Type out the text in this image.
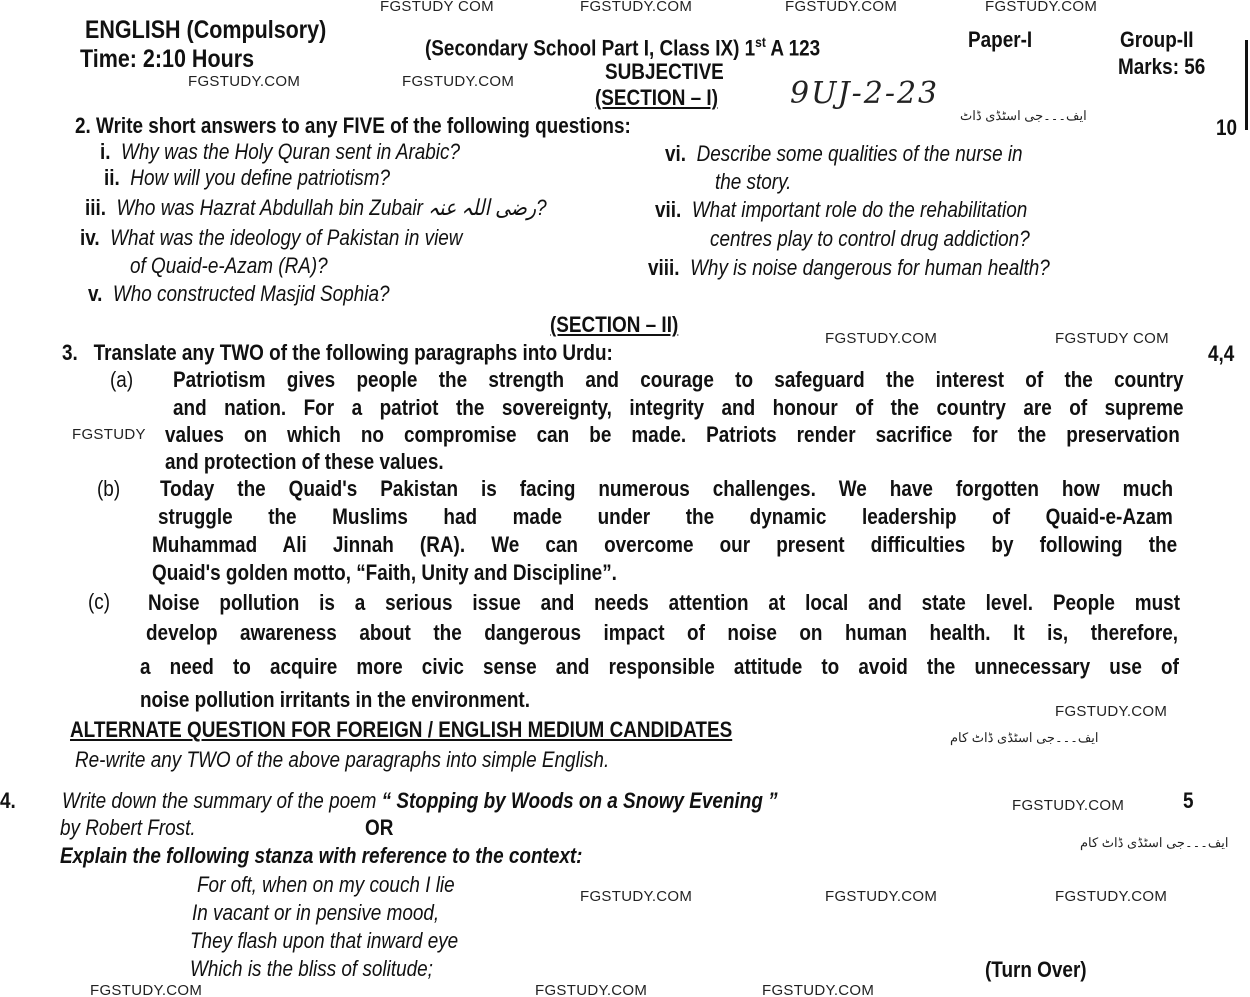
FGSTUDY COM	FGSTUDY.COM	FGSTUDY.COM	FGSTUDY.COM
ENGLISH (Compulsory)
Time: 2:10 Hours	(Secondary School Part I, Class IX) 1st A 123	Paper-I	Group-II
Marks: 56
FGSTUDY.COM	FGSTUDY.COM	SUBJECTIVE
(SECTION – I) 9UJ-2-23
ایف۔۔۔جی اسٹڈی ڈاٹ
2. Write short answers to any FIVE of the following questions:	10
i. Why was the Holy Quran sent in Arabic?
ii. How will you define patriotism?
iii. Who was Hazrat Abdullah bin Zubair رضی اللہ عنہ?
iv. What was the ideology of Pakistan in view
of Quaid-e-Azam (RA)?
v. Who constructed Masjid Sophia?
vi. Describe some qualities of the nurse in
the story.
vii. What important role do the rehabilitation
centres play to control drug addiction?
viii. Why is noise dangerous for human health?
(SECTION – II)
FGSTUDY.COM	FGSTUDY COM
3. Translate any TWO of the following paragraphs into Urdu:	4,4
(a) Patriotism gives people the strength and courage to safeguard the interest of the country
and nation. For a patriot the sovereignty, integrity and honour of the country are of supreme
FGSTUDY values on which no compromise can be made. Patriots render sacrifice for the preservation
and protection of these values.
(b) Today the Quaid's Pakistan is facing numerous challenges. We have forgotten how much
struggle the Muslims had made under the dynamic leadership of Quaid-e-Azam
Muhammad Ali Jinnah (RA). We can overcome our present difficulties by following the
Quaid's golden motto, “Faith, Unity and Discipline”.
(c) Noise pollution is a serious issue and needs attention at local and state level. People must
develop awareness about the dangerous impact of noise on human health. It is, therefore,
a need to acquire more civic sense and responsible attitude to avoid the unnecessary use of
noise pollution irritants in the environment.	FGSTUDY.COM
ALTERNATE QUESTION FOR FOREIGN / ENGLISH MEDIUM CANDIDATES	ایف۔۔۔جی اسٹڈی ڈاٹ کام
Re-write any TWO of the above paragraphs into simple English.
4. Write down the summary of the poem “ Stopping by Woods on a Snowy Evening ”	FGSTUDY.COM	5
by Robert Frost.	OR
Explain the following stanza with reference to the context:
ایف۔۔۔جی اسٹڈی ڈاٹ کام
For oft, when on my couch I lie
In vacant or in pensive mood,
They flash upon that inward eye
Which is the bliss of solitude;
FGSTUDY.COM	FGSTUDY.COM	FGSTUDY.COM
(Turn Over)
FGSTUDY.COM	FGSTUDY.COM	FGSTUDY.COM
